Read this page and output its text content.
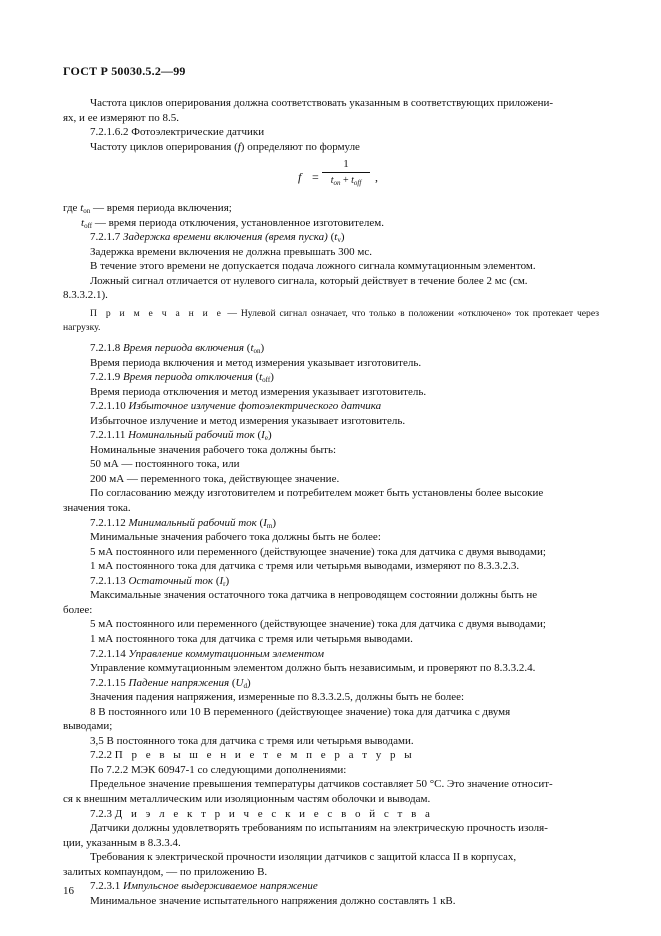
ГОСТ Р 50030.5.2—99
Частота циклов оперирования должна соответствовать указанным в соответствующих приложени-
ях, и ее измеряют по 8.5.
7.2.1.6.2 Фотоэлектрические датчики
Частоту циклов оперирования (f) определяют по формуле
f =
1
$t_{on} + t_{off}$	,
где $t_{on}$ — время периода включения;
$t_{off}$ — время периода отключения, установленное изготовителем.
7.2.1.7 Задержка времени включения (время пуска) $(t_v)$
Задержка времени включения не должна превышать 300 мс.
В течение этого времени не допускается подача ложного сигнала коммутационным элементом.
Ложный сигнал отличается от нулевого сигнала, который действует в течение более 2 мс (см.
8.3.3.2.1).
П р и м е ч а н и е — Нулевой сигнал означает, что только в положении «отключено» ток протекает через нагрузку.
7.2.1.8 Время периода включения $(t_{on})$
Время периода включения и метод измерения указывает изготовитель.
7.2.1.9 Время периода отключения $(t_{off})$
Время периода отключения и метод измерения указывает изготовитель.
7.2.1.10 Избыточное излучение фотоэлектрического датчика
Избыточное излучение и метод измерения указывает изготовитель.
7.2.1.11 Номинальный рабочий ток $(I_e)$
Номинальные значения рабочего тока должны быть:
50 мА — постоянного тока, или
200 мА — переменного тока, действующее значение.
По согласованию между изготовителем и потребителем может быть установлены более высокие
значения тока.
7.2.1.12 Минимальный рабочий ток $(I_m)$
Минимальные значения рабочего тока должны быть не более:
5 мА постоянного или переменного (действующее значение) тока для датчика с двумя выводами;
1 мА постоянного тока для датчика с тремя или четырьмя выводами, измеряют по 8.3.3.2.3.
7.2.1.13 Остаточный ток $(I_r)$
Максимальные значения остаточного тока датчика в непроводящем состоянии должны быть не
более:
5 мА постоянного или переменного (действующее значение) тока для датчика с двумя выводами;
1 мА постоянного тока для датчика с тремя или четырьмя выводами.
7.2.1.14 Управление коммутационным элементом
Управление коммутационным элементом должно быть независимым, и проверяют по 8.3.3.2.4.
7.2.1.15 Падение напряжения $(U_d)$
Значения падения напряжения, измеренные по 8.3.3.2.5, должны быть не более:
8 В постоянного или 10 В переменного (действующее значение) тока для датчика с двумя
выводами;
3,5 В постоянного тока для датчика с тремя или четырьмя выводами.
7.2.2 П р е в ы ш е н и е т е м п е р а т у р ы
По 7.2.2 МЭК 60947-1 со следующими дополнениями:
Предельное значение превышения температуры датчиков составляет 50 °С. Это значение относит-
ся к внешним металлическим или изоляционным частям оболочки и выводам.
7.2.3 Д и э л е к т р и ч е с к и е с в о й с т в а
Датчики должны удовлетворять требованиям по испытаниям на электрическую прочность изоля-
ции, указанным в 8.3.3.4.
Требования к электрической прочности изоляции датчиков с защитой класса II в корпусах,
залитых компаундом, — по приложению В.
7.2.3.1 Импульсное выдерживаемое напряжение
Минимальное значение испытательного напряжения должно составлять 1 кВ.
16
